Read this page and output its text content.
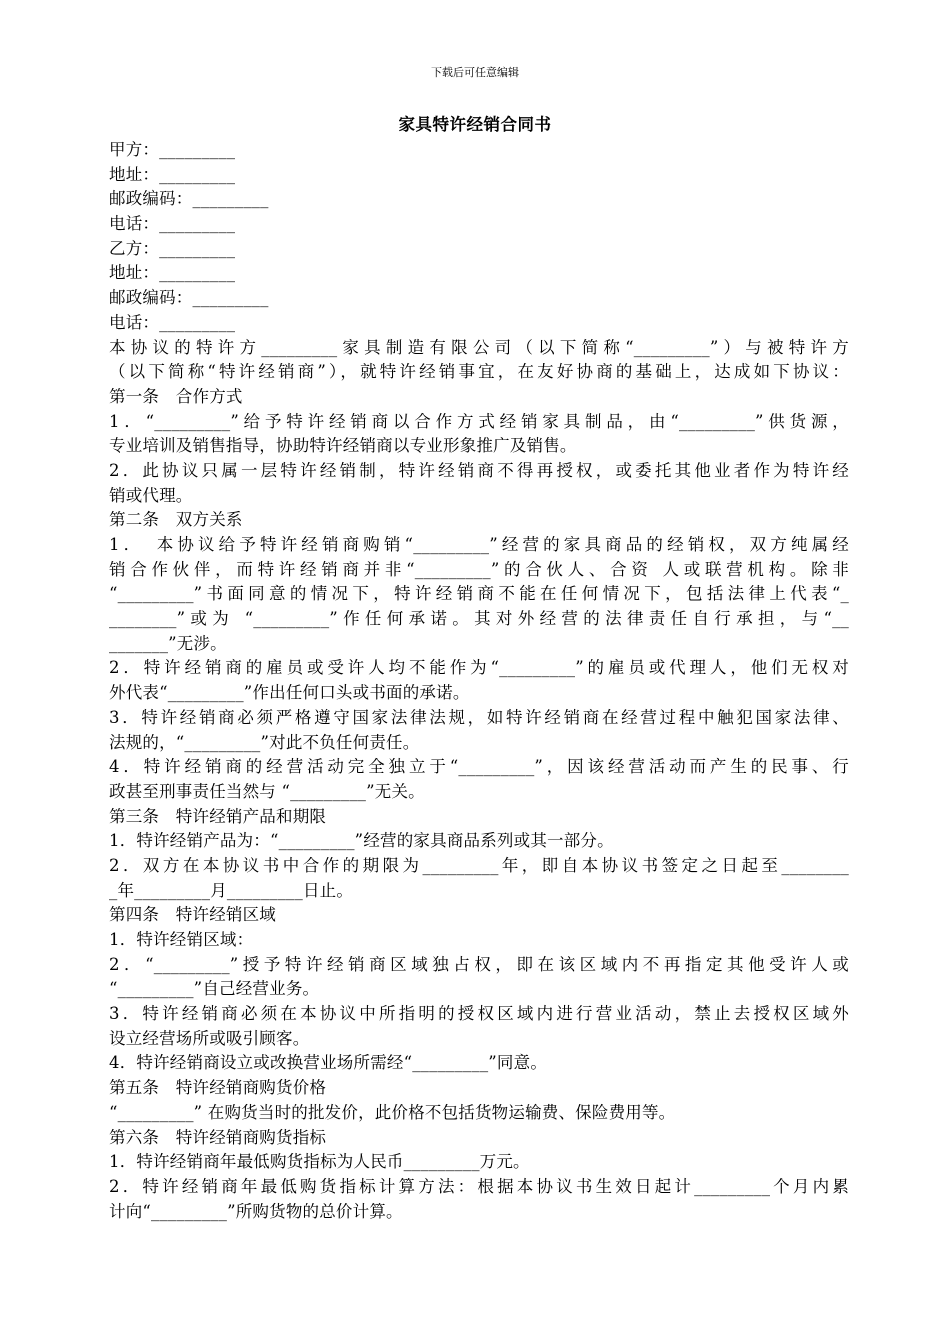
下载后可任意编辑
家具特许经销合同书
甲方：_________
地址：_________
邮政编码：_________
电话：_________
乙方：_________
地址：_________
邮政编码：_________
电话：_________
本协议的特许方_________家具制造有限公司（以下简称“_________”）与被特许方
（以下简称“特许经销商”），就特许经销事宜，在友好协商的基础上，达成如下协议：
第一条　合作方式
1．“_________”给予特许经销商以合作方式经销家具制品，由“_________”供货源，
专业培训及销售指导，协助特许经销商以专业形象推广及销售。
2．此协议只属一层特许经销制，特许经销商不得再授权，或委托其他业者作为特许经
销或代理。
第二条　双方关系
1．　本协议给予特许经销商购销“_________”经营的家具商品的经销权，双方纯属经
销合作伙伴，而特许经销商并非“_________”的合伙人、合资 人或联营机构。除非
“_________”书面同意的情况下，特许经销商不能在任何情况下，包括法律上代表“_
________”或为 “_________”作任何承诺。其对外经营的法律责任自行承担，与“__
_______”无涉。
2．特许经销商的雇员或受许人均不能作为“_________”的雇员或代理人，他们无权对
外代表“_________”作出任何口头或书面的承诺。
3．特许经销商必须严格遵守国家法律法规，如特许经销商在经营过程中触犯国家法律、
法规的，“_________”对此不负任何责任。
4．特许经销商的经营活动完全独立于“_________”，因该经营活动而产生的民事、行
政甚至刑事责任当然与 “_________”无关。
第三条　特许经销产品和期限
1．特许经销产品为：“_________”经营的家具商品系列或其一部分。
2．双方在本协议书中合作的期限为_________年，即自本协议书签定之日起至________
_年_________月_________日止。
第四条　特许经销区域
1．特许经销区域：
2．“_________”授予特许经销商区域独占权，即在该区域内不再指定其他受许人或
“_________”自己经营业务。
3．特许经销商必须在本协议中所指明的授权区域内进行营业活动，禁止去授权区域外
设立经营场所或吸引顾客。
4．特许经销商设立或改换营业场所需经“_________”同意。
第五条　特许经销商购货价格
“_________” 在购货当时的批发价，此价格不包括货物运输费、保险费用等。
第六条　特许经销商购货指标
1．特许经销商年最低购货指标为人民币_________万元。
2．特许经销商年最低购货指标计算方法：根据本协议书生效日起计_________个月内累
计向“_________”所购货物的总价计算。
